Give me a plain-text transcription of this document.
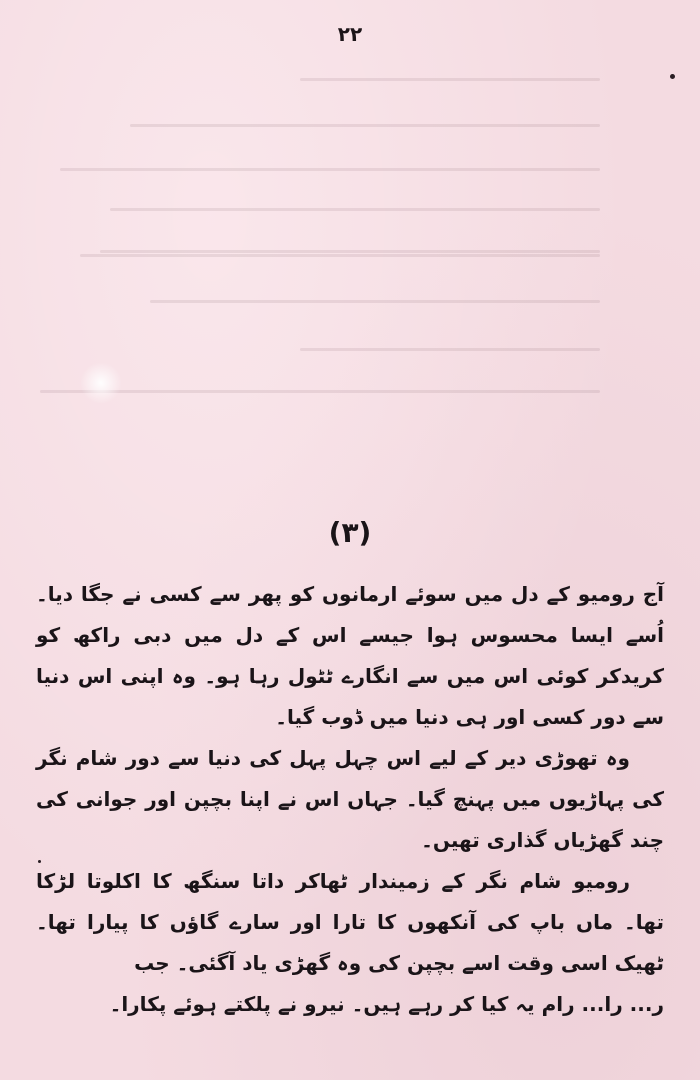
۲۲
(۳)

آج رومیو کے دل میں سوئے ارمانوں کو پھر سے کسی نے جگا دیا۔ اُسے ایسا محسوس ہوا جیسے اس کے دل میں دبی راکھ کو کریدکر کوئی اس میں سے انگارے ٹٹول رہا ہو۔ وہ اپنی اس دنیا سے دور کسی اور ہی دنیا میں ڈوب گیا۔

وہ تھوڑی دیر کے لیے اس چہل پہل کی دنیا سے دور شام نگر کی پہاڑیوں میں پہنچ گیا۔ جہاں اس نے اپنا بچپن اور جوانی کی چند گھڑیاں گذاری تھیں۔

رومیو شام نگر کے زمیندار ٹھاکر داتا سنگھ کا اکلوتا لڑکا تھا۔ ماں باپ کی آنکھوں کا تارا اور سارے گاؤں کا پیارا تھا۔ ٹھیک اسی وقت اسے بچپن کی وہ گھڑی یاد آگئی۔ جب

ر... را... رام یہ کیا کر رہے ہیں۔ نیرو نے پلکتے ہوئے پکارا۔
